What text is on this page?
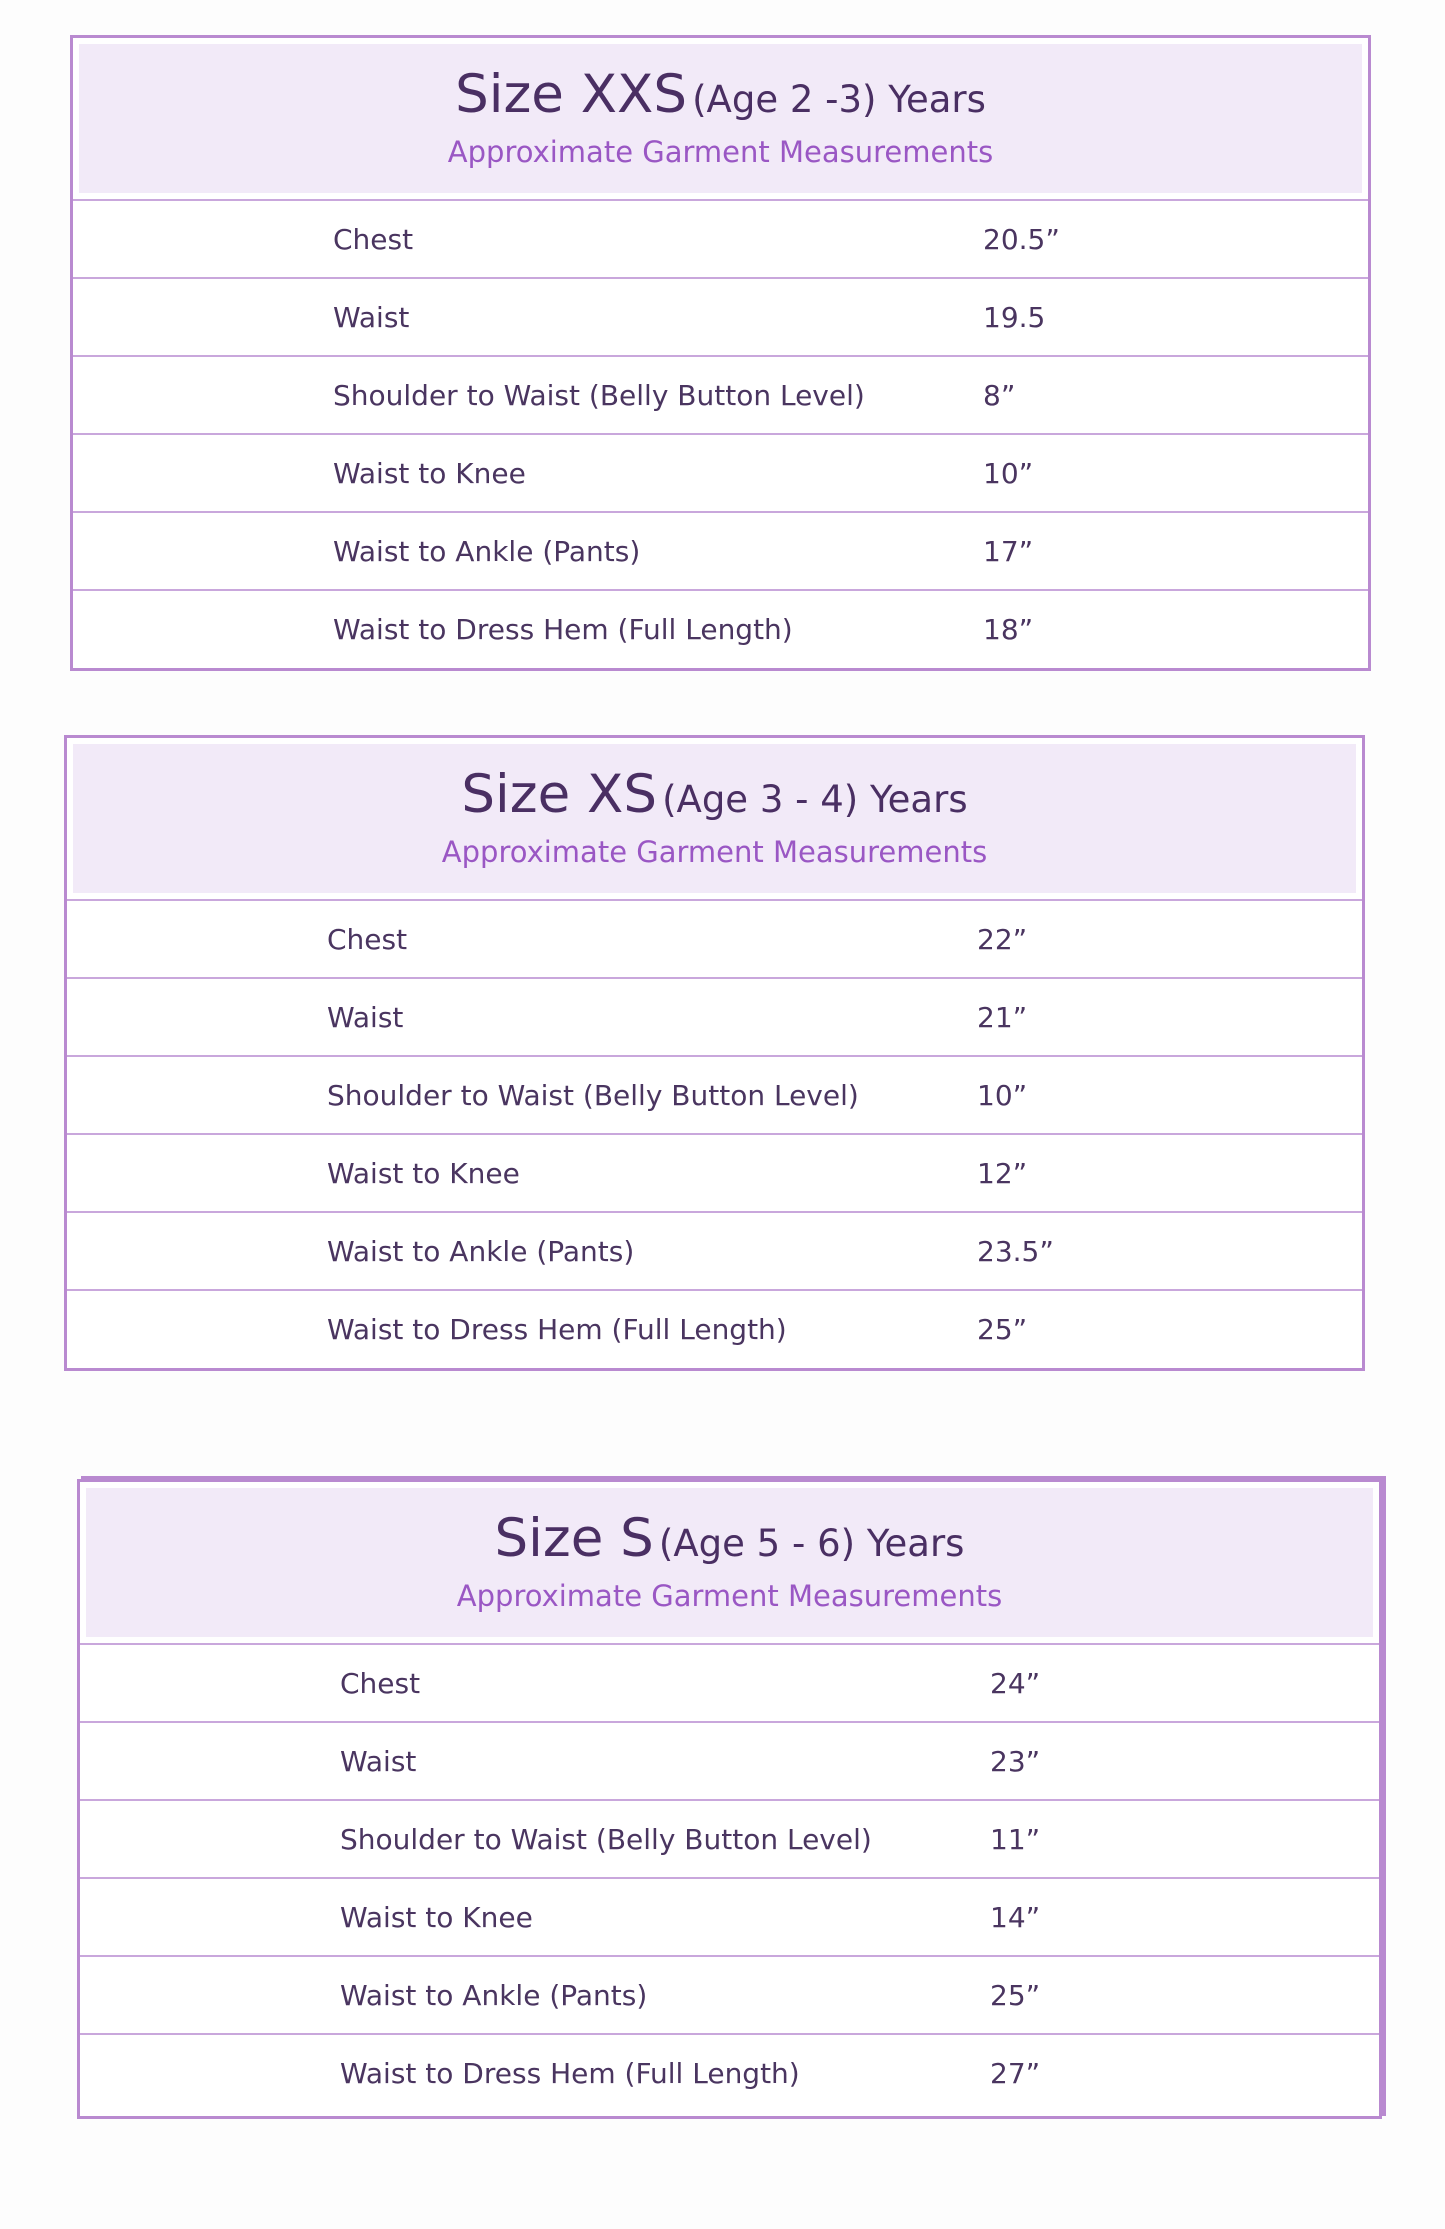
Size XXS (Age 2 -3) Years
Approximate Garment Measurements
Chest	20.5”
Waist	19.5
Shoulder to Waist (Belly Button Level)	8”
Waist to Knee	10”
Waist to Ankle (Pants)	17”
Waist to Dress Hem (Full Length)	18”
Size XS (Age 3 - 4) Years
Approximate Garment Measurements
Chest	22”
Waist	21”
Shoulder to Waist (Belly Button Level)	10”
Waist to Knee	12”
Waist to Ankle (Pants)	23.5”
Waist to Dress Hem (Full Length)	25”
Size S (Age 5 - 6) Years
Approximate Garment Measurements
Chest	24”
Waist	23”
Shoulder to Waist (Belly Button Level)	11”
Waist to Knee	14”
Waist to Ankle (Pants)	25”
Waist to Dress Hem (Full Length)	27”
